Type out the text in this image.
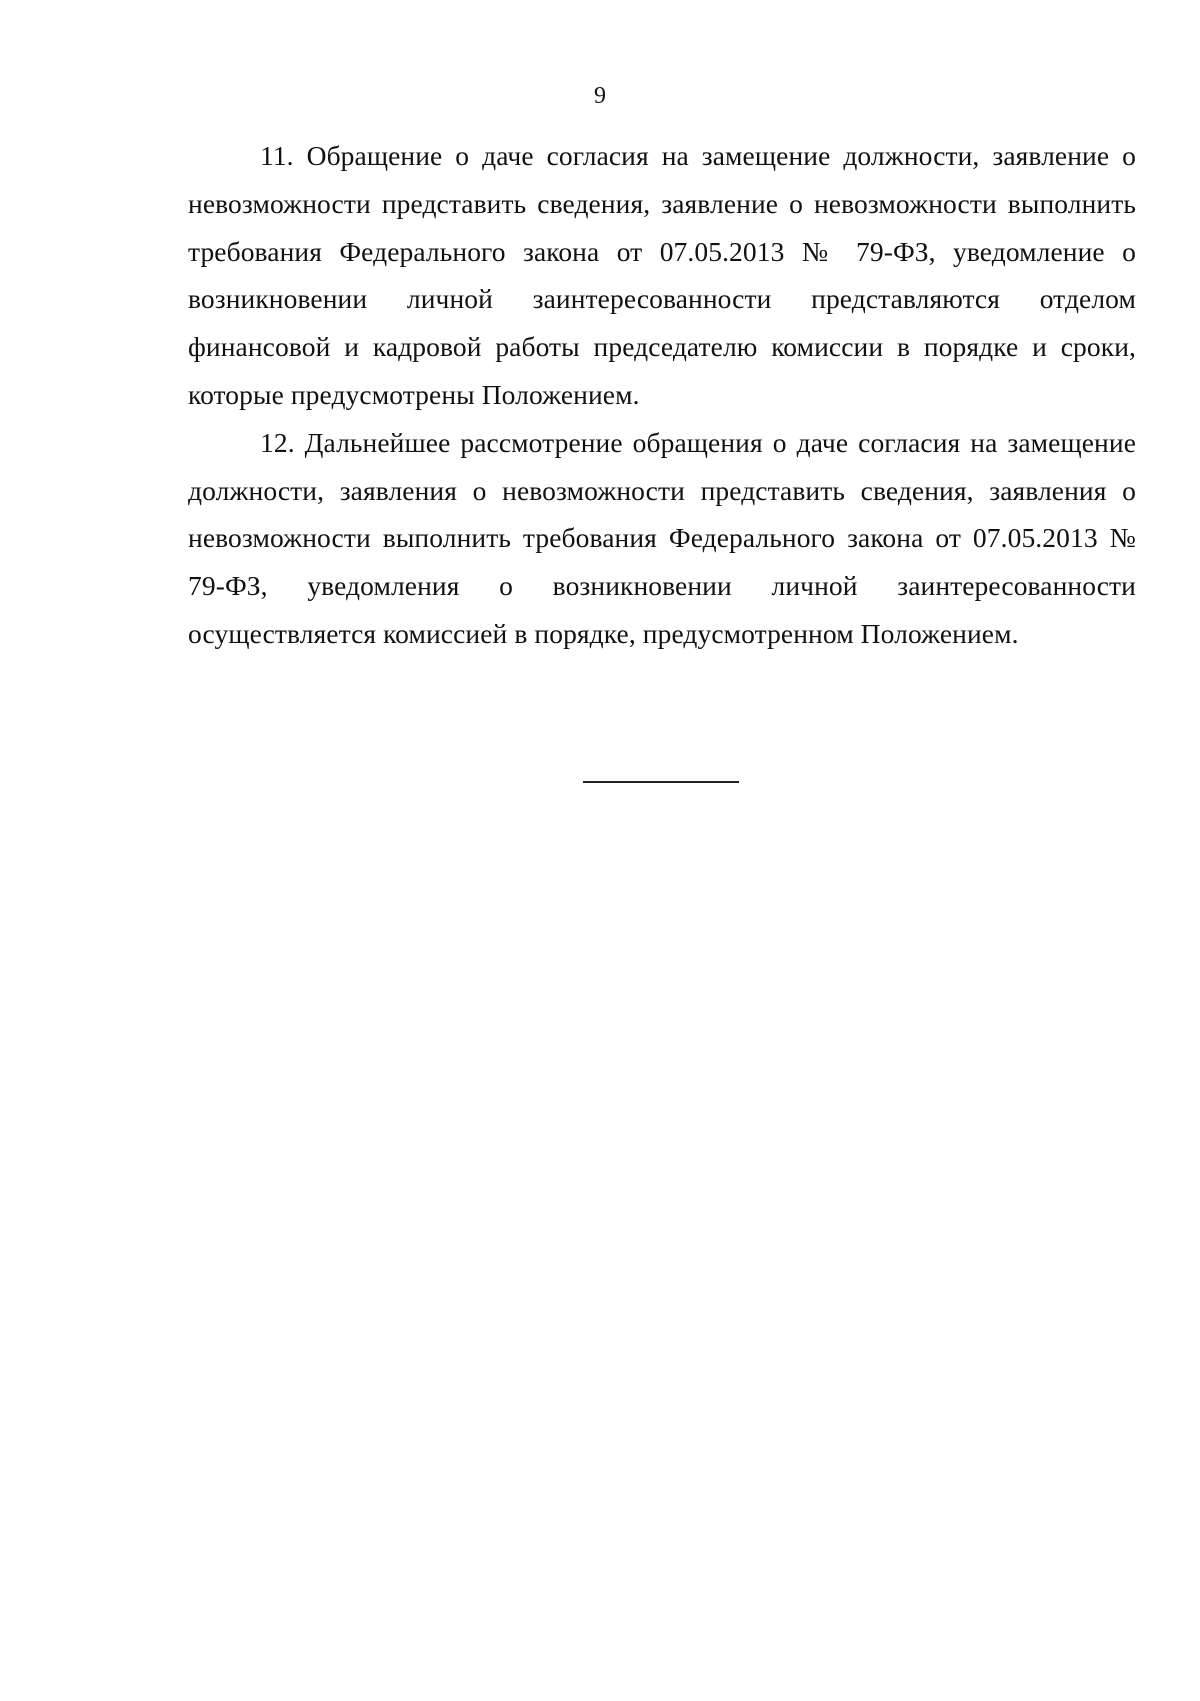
9

11. Обращение о даче согласия на замещение должности, заявление о невозможности представить сведения, заявление о невозможности выполнить требования Федерального закона от 07.05.2013 № 79-ФЗ, уведомление о возникновении личной заинтересованности представляются отделом финансовой и кадровой работы председателю комиссии в порядке и сроки, которые предусмотрены Положением.

12. Дальнейшее рассмотрение обращения о даче согласия на замещение должности, заявления о невозможности представить сведения, заявления о невозможности выполнить требования Федерального закона от 07.05.2013 № 79-ФЗ, уведомления о возникновении личной заинтересованности осуществляется комиссией в порядке, предусмотренном Положением.
